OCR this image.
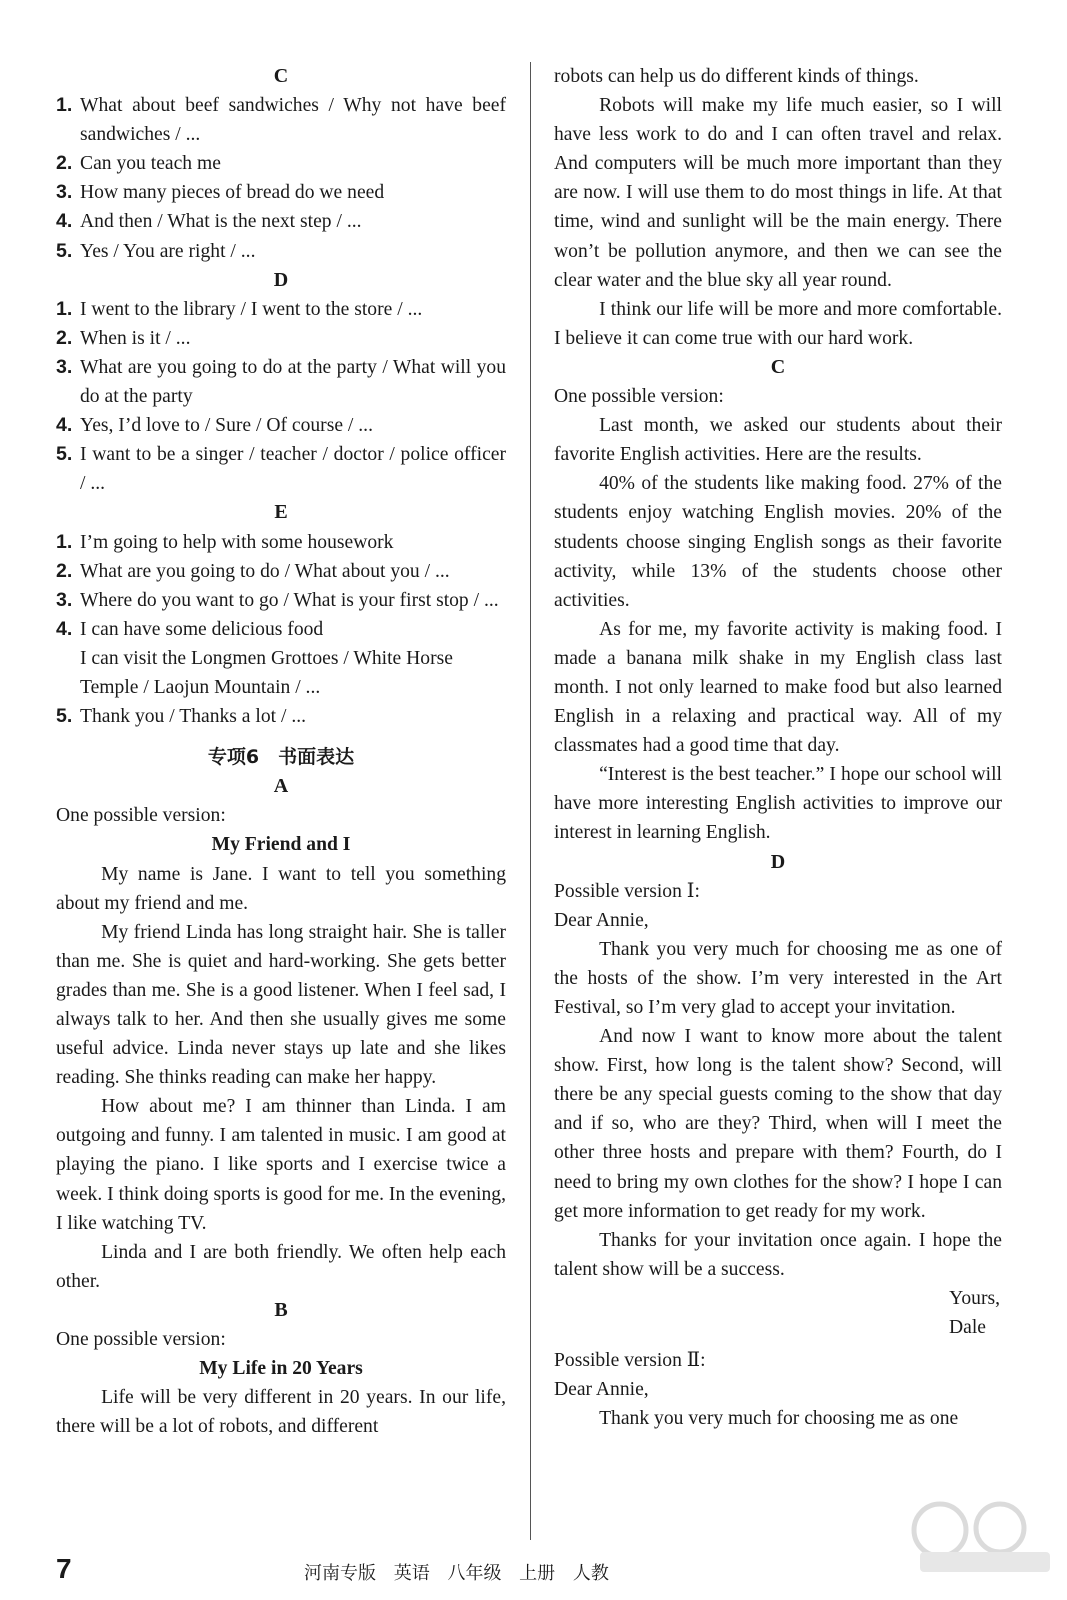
C
1. What about beef sandwiches / Why not have beef sandwiches / ...
2. Can you teach me
3. How many pieces of bread do we need
4. And then / What is the next step / ...
5. Yes / You are right / ...
D
1. I went to the library / I went to the store / ...
2. When is it / ...
3. What are you going to do at the party / What will you do at the party
4. Yes, I’d love to / Sure / Of course / ...
5. I want to be a singer / teacher / doctor / police officer / ...
E
1. I’m going to help with some housework
2. What are you going to do / What about you / ...
3. Where do you want to go / What is your first stop / ...
4. I can have some delicious food
I can visit the Longmen Grottoes / White Horse Temple / Laojun Mountain / ...
5. Thank you / Thanks a lot / ...
专项6　书面表达
A

One possible version:

My Friend and I

My name is Jane. I want to tell you something about my friend and me.

My friend Linda has long straight hair. She is taller than me. She is quiet and hard-working. She gets better grades than me. She is a good listener. When I feel sad, I always talk to her. And then she usually gives me some useful advice. Linda never stays up late and she likes reading. She thinks reading can make her happy.

How about me? I am thinner than Linda. I am outgoing and funny. I am talented in music. I am good at playing the piano. I like sports and I exercise twice a week. I think doing sports is good for me. In the evening, I like watching TV.

Linda and I are both friendly. We often help each other.

B

One possible version:

My Life in 20 Years

Life will be very different in 20 years. In our life, there will be a lot of robots, and different

robots can help us do different kinds of things.

Robots will make my life much easier, so I will have less work to do and I can often travel and relax. And computers will be much more important than they are now. I will use them to do most things in life. At that time, wind and sunlight will be the main energy. There won’t be pollution anymore, and then we can see the clear water and the blue sky all year round.

I think our life will be more and more comfortable. I believe it can come true with our hard work.

C

One possible version:

Last month, we asked our students about their favorite English activities. Here are the results.

40% of the students like making food. 27% of the students enjoy watching English movies. 20% of the students choose singing English songs as their favorite activity, while 13% of the students choose other activities.

As for me, my favorite activity is making food. I made a banana milk shake in my English class last month. I not only learned to make food but also learned English in a relaxing and practical way. All of my classmates had a good time that day.

“Interest is the best teacher.” I hope our school will have more interesting English activities to improve our interest in learning English.

D

Possible version Ⅰ:

Dear Annie,

Thank you very much for choosing me as one of the hosts of the show. I’m very interested in the Art Festival, so I’m very glad to accept your invitation.

And now I want to know more about the talent show. First, how long is the talent show? Second, will there be any special guests coming to the show that day and if so, who are they? Third, when will I meet the other three hosts and prepare with them? Fourth, do I need to bring my own clothes for the show? I hope I can get more information to get ready for my work.

Thanks for your invitation once again. I hope the talent show will be a success.

Yours,

Dale

Possible version Ⅱ:

Dear Annie,

Thank you very much for choosing me as one

7	河南专版 英语 八年级 上册 人教
